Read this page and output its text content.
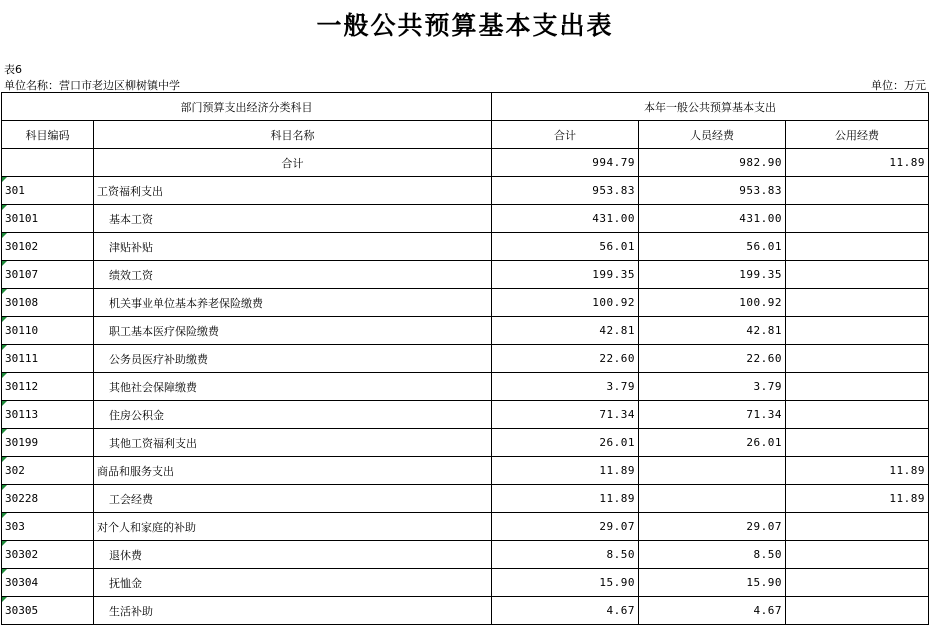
一般公共预算基本支出表
表6
单位名称：营口市老边区柳树镇中学	单位：万元
部门预算支出经济分类科目		本年一般公共预算基本支出		
科目编码	科目名称	合计	人员经费	公用经费
	合计	994.79	982.90	11.89
301	工资福利支出	953.83	953.83	
30101	基本工资	431.00	431.00	
30102	津贴补贴	56.01	56.01	
30107	绩效工资	199.35	199.35	
30108	机关事业单位基本养老保险缴费	100.92	100.92	
30110	职工基本医疗保险缴费	42.81	42.81	
30111	公务员医疗补助缴费	22.60	22.60	
30112	其他社会保障缴费	3.79	3.79	
30113	住房公积金	71.34	71.34	
30199	其他工资福利支出	26.01	26.01	
302	商品和服务支出	11.89		11.89
30228	工会经费	11.89		11.89
303	对个人和家庭的补助	29.07	29.07	
30302	退休费	8.50	8.50	
30304	抚恤金	15.90	15.90	
30305	生活补助	4.67	4.67	
